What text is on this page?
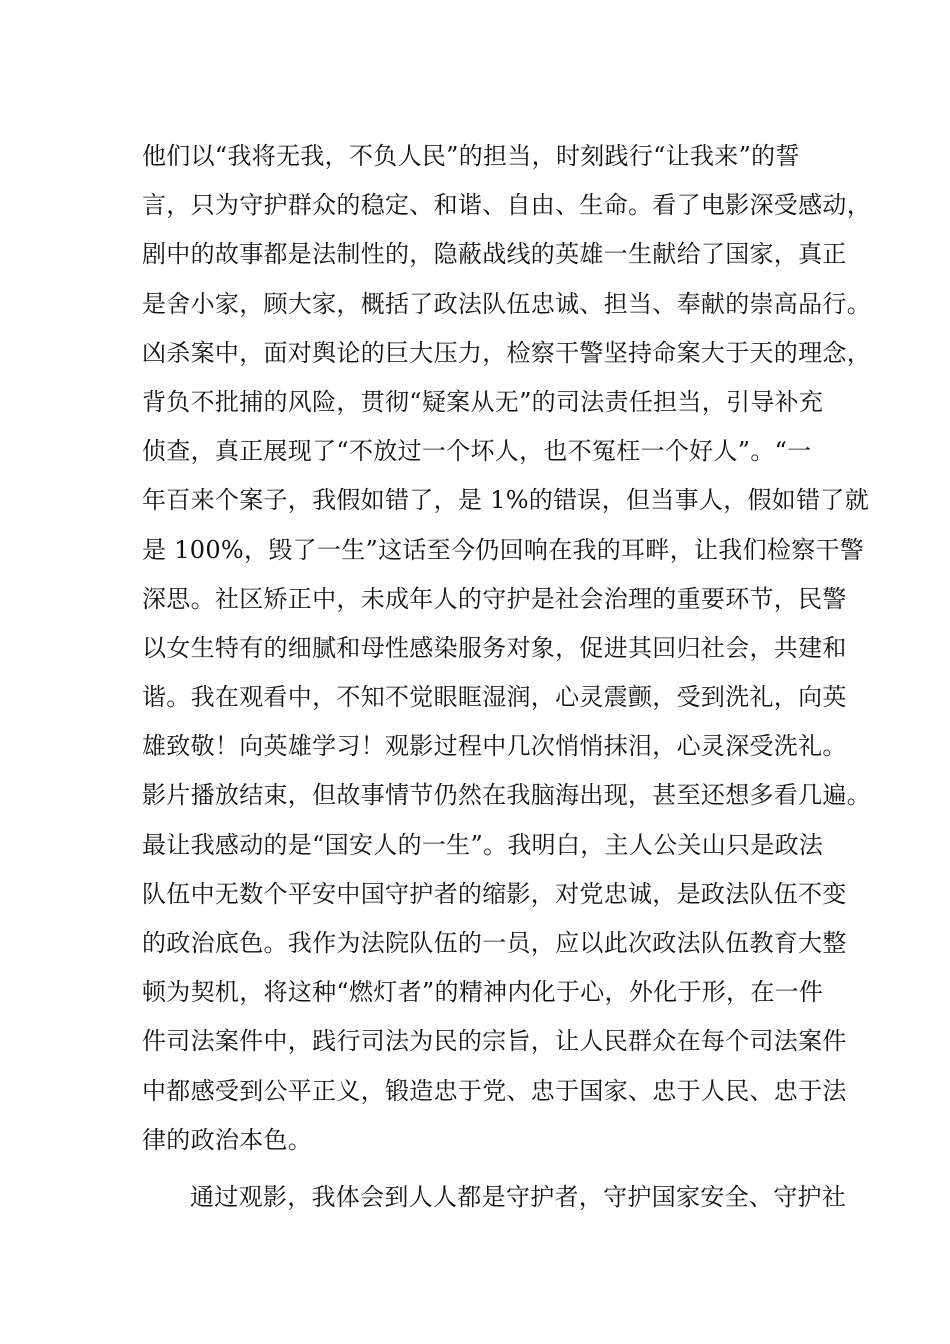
他们以“我将无我，不负人民”的担当，时刻践行“让我来”的誓
言，只为守护群众的稳定、和谐、自由、生命。看了电影深受感动，
剧中的故事都是法制性的，隐蔽战线的英雄一生献给了国家，真正
是舍小家，顾大家，概括了政法队伍忠诚、担当、奉献的崇高品行。
凶杀案中，面对舆论的巨大压力，检察干警坚持命案大于天的理念，
背负不批捕的风险，贯彻“疑案从无”的司法责任担当，引导补充
侦查，真正展现了“不放过一个坏人，也不冤枉一个好人”。“一
年百来个案子，我假如错了，是 1%的错误，但当事人，假如错了就
是 100%，毁了一生”这话至今仍回响在我的耳畔，让我们检察干警
深思。社区矫正中，未成年人的守护是社会治理的重要环节，民警
以女生特有的细腻和母性感染服务对象，促进其回归社会，共建和
谐。我在观看中，不知不觉眼眶湿润，心灵震颤，受到洗礼，向英
雄致敬！向英雄学习！观影过程中几次悄悄抹泪，心灵深受洗礼。
影片播放结束，但故事情节仍然在我脑海出现，甚至还想多看几遍。
最让我感动的是“国安人的一生”。我明白，主人公关山只是政法
队伍中无数个平安中国守护者的缩影，对党忠诚，是政法队伍不变
的政治底色。我作为法院队伍的一员，应以此次政法队伍教育大整
顿为契机，将这种“燃灯者”的精神内化于心，外化于形，在一件
件司法案件中，践行司法为民的宗旨，让人民群众在每个司法案件
中都感受到公平正义，锻造忠于党、忠于国家、忠于人民、忠于法
律的政治本色。
通过观影，我体会到人人都是守护者，守护国家安全、守护社
